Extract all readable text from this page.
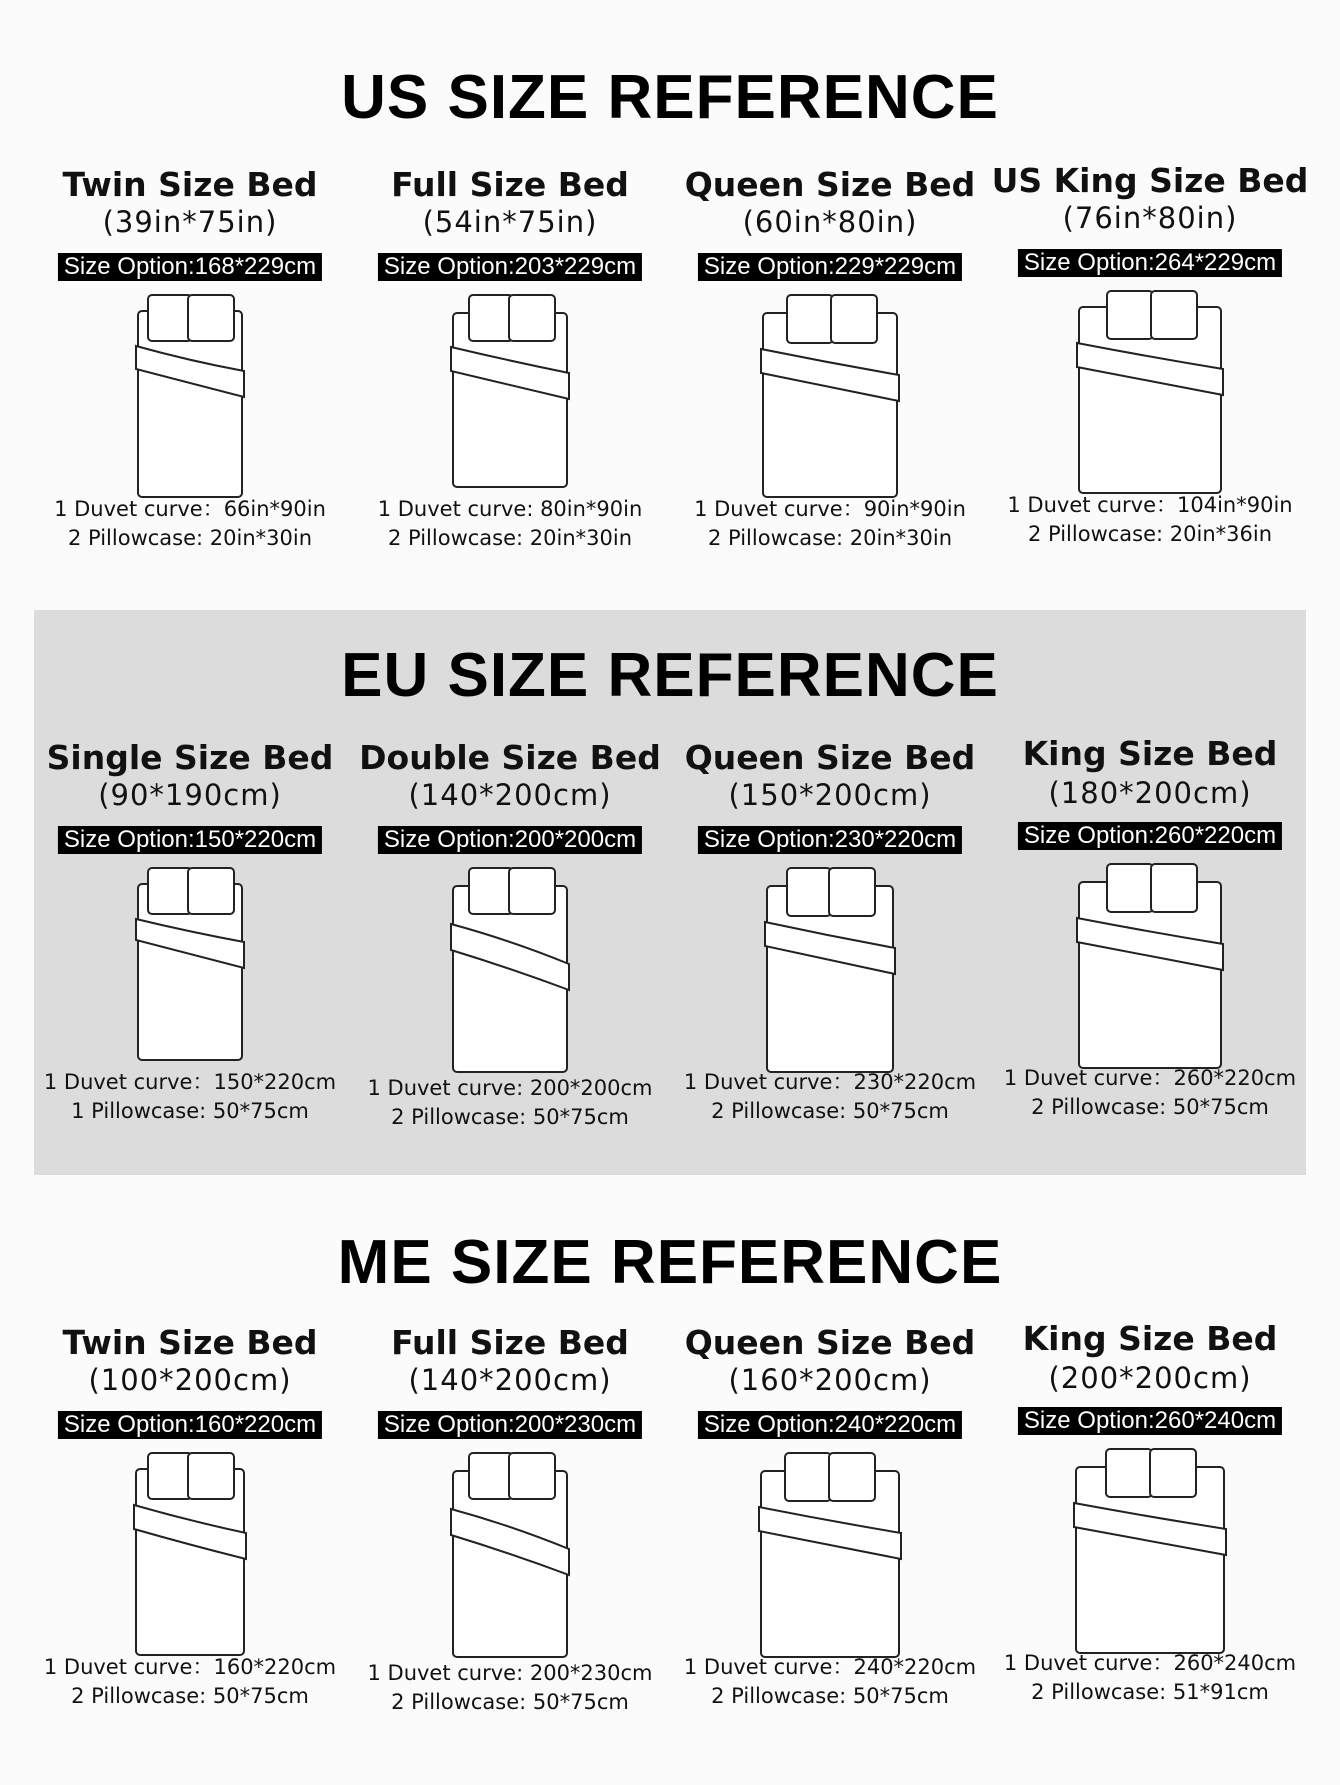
US SIZE REFERENCE
Twin Size Bed
(39in*75in)
Size Option:168*229cm
1 Duvet curve：66in*90in
2 Pillowcase: 20in*30in
Full Size Bed
(54in*75in)
Size Option:203*229cm
1 Duvet curve: 80in*90in
2 Pillowcase: 20in*30in
Queen Size Bed
(60in*80in)
Size Option:229*229cm
1 Duvet curve：90in*90in
2 Pillowcase: 20in*30in
US King Size Bed
(76in*80in)
Size Option:264*229cm
1 Duvet curve：104in*90in
2 Pillowcase: 20in*36in
EU SIZE REFERENCE
Single Size Bed
(90*190cm)
Size Option:150*220cm
1 Duvet curve：150*220cm
1 Pillowcase: 50*75cm
Double Size Bed
(140*200cm)
Size Option:200*200cm
1 Duvet curve: 200*200cm
2 Pillowcase: 50*75cm
Queen Size Bed
(150*200cm)
Size Option:230*220cm
1 Duvet curve：230*220cm
2 Pillowcase: 50*75cm
King Size Bed
(180*200cm)
Size Option:260*220cm
1 Duvet curve：260*220cm
2 Pillowcase: 50*75cm
ME SIZE REFERENCE
Twin Size Bed
(100*200cm)
Size Option:160*220cm
1 Duvet curve：160*220cm
2 Pillowcase: 50*75cm
Full Size Bed
(140*200cm)
Size Option:200*230cm
1 Duvet curve: 200*230cm
2 Pillowcase: 50*75cm
Queen Size Bed
(160*200cm)
Size Option:240*220cm
1 Duvet curve：240*220cm
2 Pillowcase: 50*75cm
King Size Bed
(200*200cm)
Size Option:260*240cm
1 Duvet curve：260*240cm
2 Pillowcase: 51*91cm
